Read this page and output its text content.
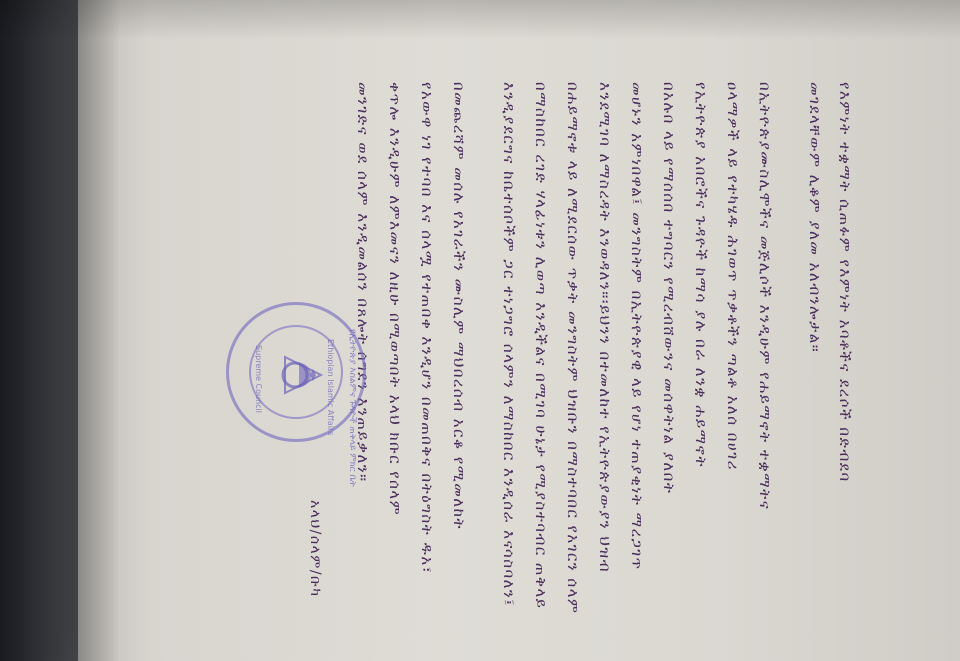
የእምነት ተቋማት ሲጠፉም የእምነት አባቶችና ደረሶች በድብደባ
መገደላቸውም ሊቆም ያለመ አለብንሎታል።
በኢትዮጵያሙስሊሞችና መጅሊሶች እንዲሁም የሐይማኖት ተቋማትና
ዐላማዎች ላይ የተካሄዱ ሕገወጥ ጥቃቶችን ጣልቶ አለሰ በሀገሪ
የኢትዮጵያ አበሮችና ጉዳዮች ከማሳ ያሉ በራ ለንቋ ሐይማኖት
በአሉበ ላይ የማሰሰበ ተግባርን የሚረብሸውንና መሰዋትነል ያለበት
መሆኑን አምነበዋል፤ መንግስትም በኢትዮጵያዊ ላይ የሆነ ተጠያቂነት ማረጋገጥ
እንደሚገባ ለማስረዳት እንወዳለን።፡ይህንን በተመለከተ የኢትዮጵያውያን ህዝብ
በሐይማኖቱ ላይ ለሚደርሰው ጥቃት መንግስትም ህዝቡን በማስተባበር የአገርን ሰላም
በማስከበር ረገድ ሃላፊነቱን ሊወጣ እንዲችልና በሚገባ ሁኔታ የሚያስተባብር ጠቅላይ
እንዲያደርግና ከቤተሰቦችም ጋር ተነጋግሮ ሰላምን ለማስከበር እንዲሰራ እናሳስባለን፤
በመጨረሻም መሰሉ የአገራችን ሙስሊም ማህበረሰብ አርቆ የሚመለከት
የአውዋ ነገ የተባበ እና ሰላሟ የተጠበቀ እንዲሆን በመጠበቅና በትዕግስት ዱአ፣
ቀጥሎ እንዲሁም ለምእመናን ለዚሁ በሚወጣበት አላህ ክቡር የሰላም
መንገድና ወደ ሰላም እንዲመልሰን በጸሎት ሰግደን እንጠይቃለን።
አላህ/ሰላም/ቡካ
የኢትዮጵያ እስልምና ጉዳዮች ጠቅላይ ምክር ቤት
Ethiopian Islamic Affairs
Supreme Council
